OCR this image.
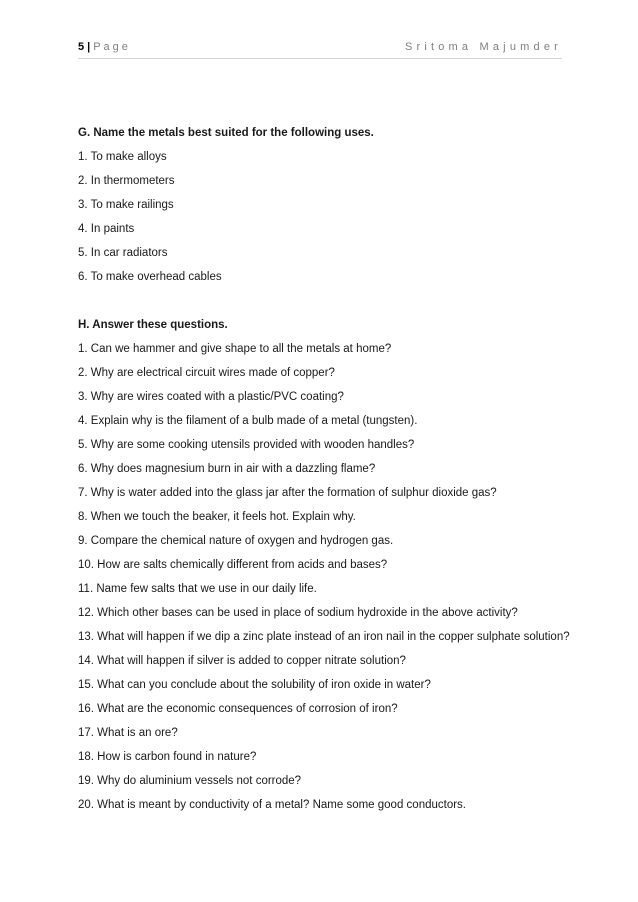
5 | Page	Sritoma Majumder
G. Name the metals best suited for the following uses.
1. To make alloys
2. In thermometers
3. To make railings
4. In paints
5. In car radiators
6. To make overhead cables
H. Answer these questions.
1. Can we hammer and give shape to all the metals at home?
2. Why are electrical circuit wires made of copper?
3. Why are wires coated with a plastic/PVC coating?
4. Explain why is the filament of a bulb made of a metal (tungsten).
5. Why are some cooking utensils provided with wooden handles?
6. Why does magnesium burn in air with a dazzling flame?
7. Why is water added into the glass jar after the formation of sulphur dioxide gas?
8. When we touch the beaker, it feels hot. Explain why.
9. Compare the chemical nature of oxygen and hydrogen gas.
10. How are salts chemically different from acids and bases?
11. Name few salts that we use in our daily life.
12. Which other bases can be used in place of sodium hydroxide in the above activity?
13. What will happen if we dip a zinc plate instead of an iron nail in the copper sulphate solution?
14. What will happen if silver is added to copper nitrate solution?
15. What can you conclude about the solubility of iron oxide in water?
16. What are the economic consequences of corrosion of iron?
17. What is an ore?
18. How is carbon found in nature?
19. Why do aluminium vessels not corrode?
20. What is meant by conductivity of a metal? Name some good conductors.
